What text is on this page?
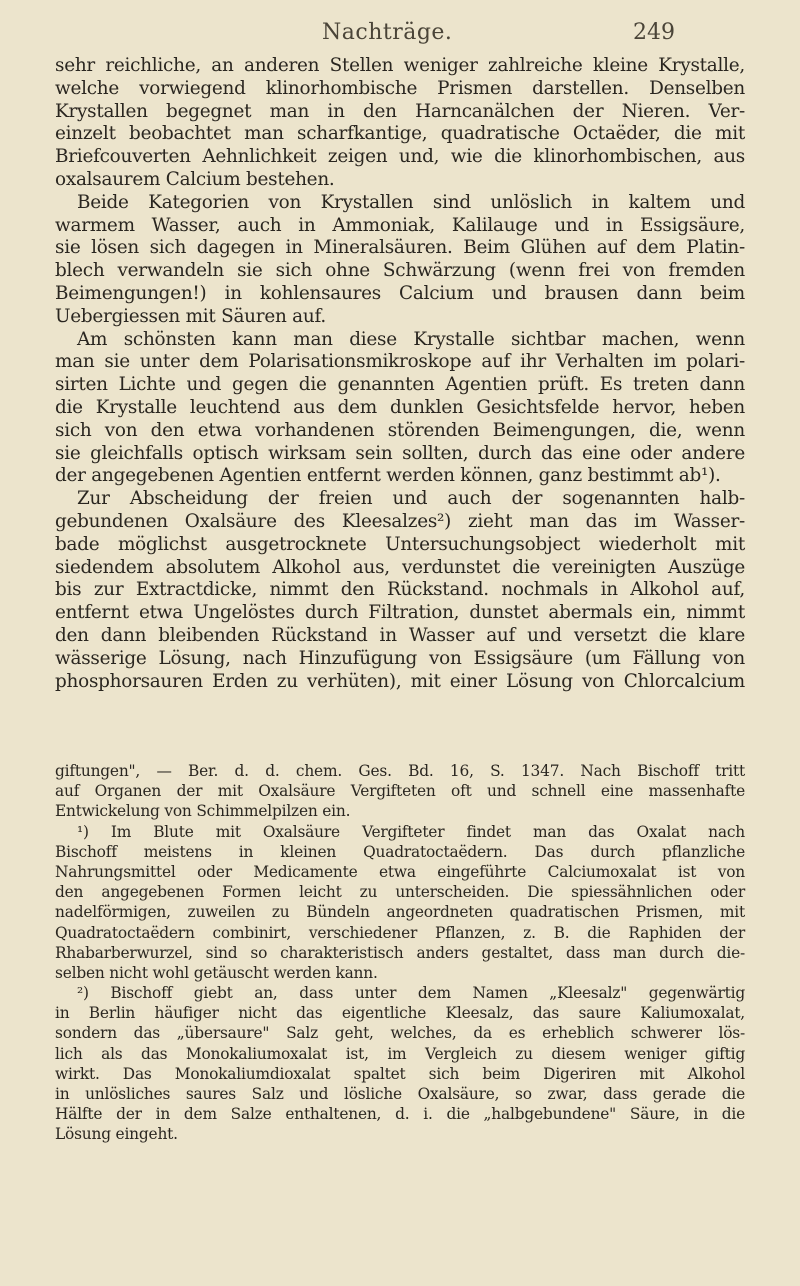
Nachträge.	249
sehr reichliche, an anderen Stellen weniger zahlreiche kleine Krystalle,
welche vorwiegend klinorhombische Prismen darstellen. Denselben
Krystallen begegnet man in den Harncanälchen der Nieren. Ver-
einzelt beobachtet man scharfkantige, quadratische Octaëder, die mit
Briefcouverten Aehnlichkeit zeigen und, wie die klinorhombischen, aus
oxalsaurem Calcium bestehen.
Beide Kategorien von Krystallen sind unlöslich in kaltem und
warmem Wasser, auch in Ammoniak, Kalilauge und in Essigsäure,
sie lösen sich dagegen in Mineralsäuren. Beim Glühen auf dem Platin-
blech verwandeln sie sich ohne Schwärzung (wenn frei von fremden
Beimengungen!) in kohlensaures Calcium und brausen dann beim
Uebergiessen mit Säuren auf.
Am schönsten kann man diese Krystalle sichtbar machen, wenn
man sie unter dem Polarisationsmikroskope auf ihr Verhalten im polari-
sirten Lichte und gegen die genannten Agentien prüft. Es treten dann
die Krystalle leuchtend aus dem dunklen Gesichtsfelde hervor, heben
sich von den etwa vorhandenen störenden Beimengungen, die, wenn
sie gleichfalls optisch wirksam sein sollten, durch das eine oder andere
der angegebenen Agentien entfernt werden können, ganz bestimmt ab¹).
Zur Abscheidung der freien und auch der sogenannten halb-
gebundenen Oxalsäure des Kleesalzes²) zieht man das im Wasser-
bade möglichst ausgetrocknete Untersuchungsobject wiederholt mit
siedendem absolutem Alkohol aus, verdunstet die vereinigten Auszüge
bis zur Extractdicke, nimmt den Rückstand. nochmals in Alkohol auf,
entfernt etwa Ungelöstes durch Filtration, dunstet abermals ein, nimmt
den dann bleibenden Rückstand in Wasser auf und versetzt die klare
wässerige Lösung, nach Hinzufügung von Essigsäure (um Fällung von
phosphorsauren Erden zu verhüten), mit einer Lösung von Chlorcalcium
giftungen", — Ber. d. d. chem. Ges. Bd. 16, S. 1347. Nach Bischoff tritt
auf Organen der mit Oxalsäure Vergifteten oft und schnell eine massenhafte
Entwickelung von Schimmelpilzen ein.
¹) Im Blute mit Oxalsäure Vergifteter findet man das Oxalat nach
Bischoff meistens in kleinen Quadratoctaëdern. Das durch pflanzliche
Nahrungsmittel oder Medicamente etwa eingeführte Calciumoxalat ist von
den angegebenen Formen leicht zu unterscheiden. Die spiessähnlichen oder
nadelförmigen, zuweilen zu Bündeln angeordneten quadratischen Prismen, mit
Quadratoctaëdern combinirt, verschiedener Pflanzen, z. B. die Raphiden der
Rhabarberwurzel, sind so charakteristisch anders gestaltet, dass man durch die-
selben nicht wohl getäuscht werden kann.
²) Bischoff giebt an, dass unter dem Namen „Kleesalz" gegenwärtig
in Berlin häufiger nicht das eigentliche Kleesalz, das saure Kaliumoxalat,
sondern das „übersaure" Salz geht, welches, da es erheblich schwerer lös-
lich als das Monokaliumoxalat ist, im Vergleich zu diesem weniger giftig
wirkt. Das Monokaliumdioxalat spaltet sich beim Digeriren mit Alkohol
in unlösliches saures Salz und lösliche Oxalsäure, so zwar, dass gerade die
Hälfte der in dem Salze enthaltenen, d. i. die „halbgebundene" Säure, in die
Lösung eingeht.
